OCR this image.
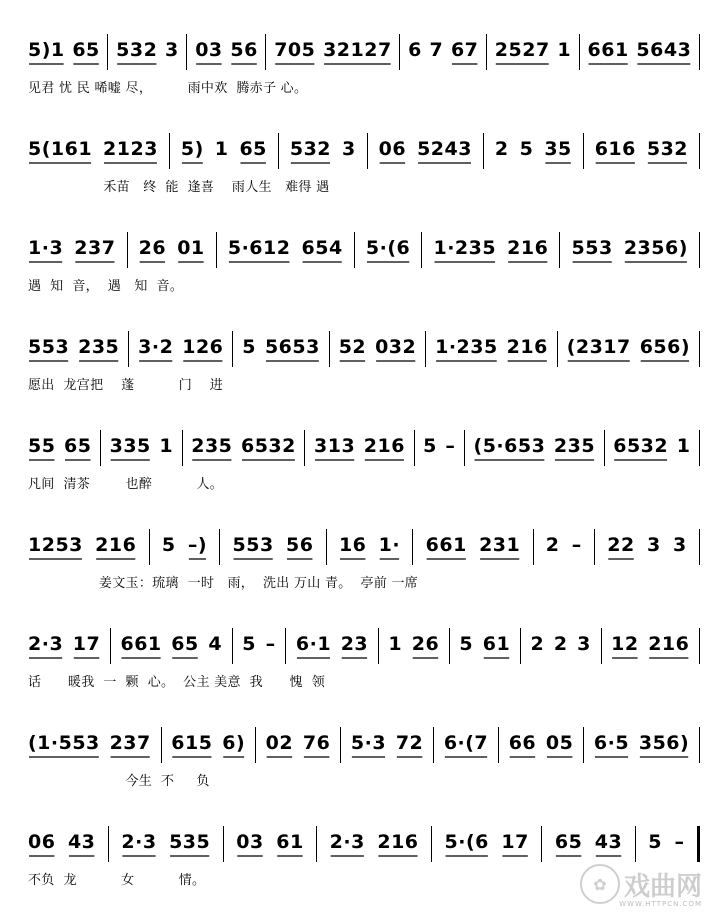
5)1 65 532 3 03 56 705 32127 6 7 67 2527 1 661 5643
见君 忧 民 唏嘘 尽，        雨中欢  腾赤子 心。
5(161 2123 5) 1 65 532 3 06 5243 2 5 35 616 532
禾苗   终  能  逢喜    雨人生   难得 遇
1·3 237 26 01 5·612 654 5·(6 1·235 216 553 2356)
遇  知  音，  遇   知  音。
553 235 3·2 126 5 5653 52 032 1·235 216 (2317 656)
愿出  龙宫把    蓬          门    进
55 65 335 1 235 6532 313 216 5 – (5·653 235 6532 1
凡间  清茶        也醉          人。
1253 216 5 –) 553 56 16 1· 661 231 2 – 22 3 3
姜文玉：琉璃  一时   雨，  洗出 万山 青。  亭前 一席
2·3 17 661 65 4 5 – 6·1 23 1 26 5 61 2 2 3 12 216
话      暖我  一  颗  心。  公主 美意  我      愧  领
(1·553 237 615 6) 02 76 5·3 72 6·(7 66 05 6·5 356)
今生  不     负
06 43 2·3 535 03 61 2·3 216 5·(6 17 65 43 5 –
不负  龙          女          情。	✿ 戏曲网
WWW.HTTPCN.COM
